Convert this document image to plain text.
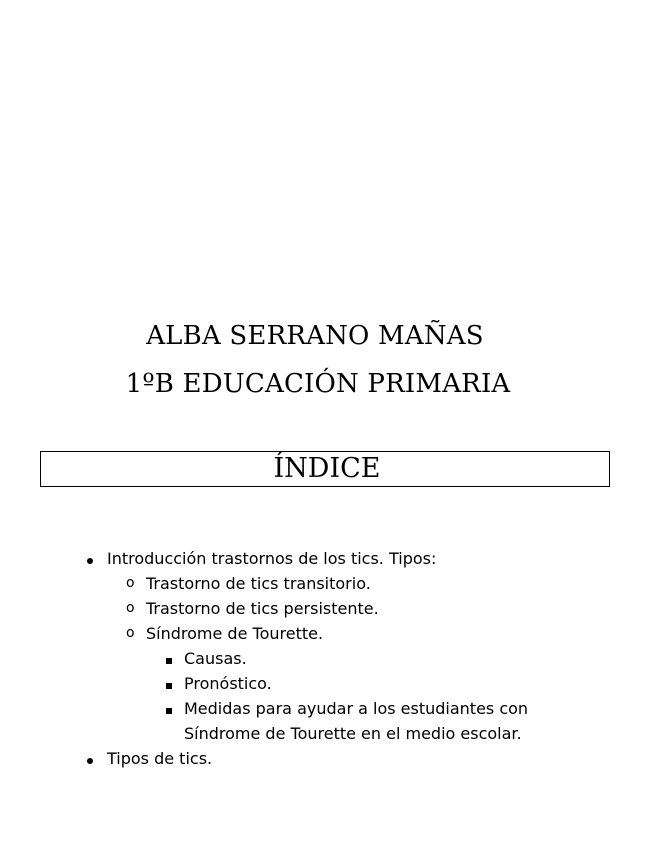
ALBA SERRANO MAÑAS
1ºB EDUCACIÓN PRIMARIA
ÍNDICE
Introducción trastornos de los tics. Tipos:
o Trastorno de tics transitorio.
o Trastorno de tics persistente.
o Síndrome de Tourette.
Causas.
Pronóstico.
Medidas para ayudar a los estudiantes con
Síndrome de Tourette en el medio escolar.
Tipos de tics.
